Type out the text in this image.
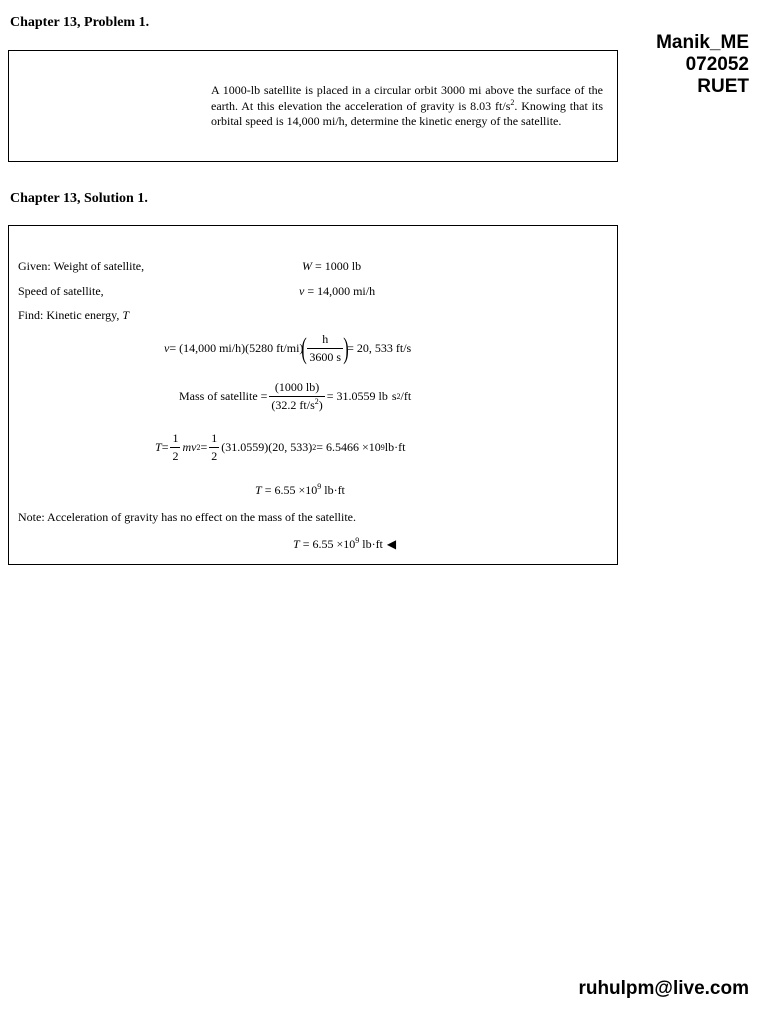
Chapter 13, Problem 1.
Manik_ME
072052
RUET
A 1000-lb satellite is placed in a circular orbit 3000 mi above the surface of the earth. At this elevation the acceleration of gravity is 8.03 $ft/s^2$. Knowing that its orbital speed is 14,000 mi/h, determine the kinetic energy of the satellite.
Chapter 13, Solution 1.
Given: Weight of satellite,	W = 1000 lb
Speed of satellite,	v = 14,000 mi/h
Find: Kinetic energy, T
v = (14,000 mi/h)(5280 ft/mi)
( $\frac{h}{3600 s}$ )
= 20, 533 ft/s
Mass of satellite = $\frac{(1000 lb)}{(32.2 ft/s^2)} = 31.0559$ lb s 2 /ft
$T = \frac{1}{2}$ mv $2 = \frac{1}{2} (31.0559)(20$, 533) 2 = 6.5466 ×10 9 lb·ft
$T = 6.55 \times 10^9$ lb·ft
Note: Acceleration of gravity has no effect on the mass of the satellite.
$T = 6.55 \times 10^9$ lb·ft ◀
ruhulpm@live.com
